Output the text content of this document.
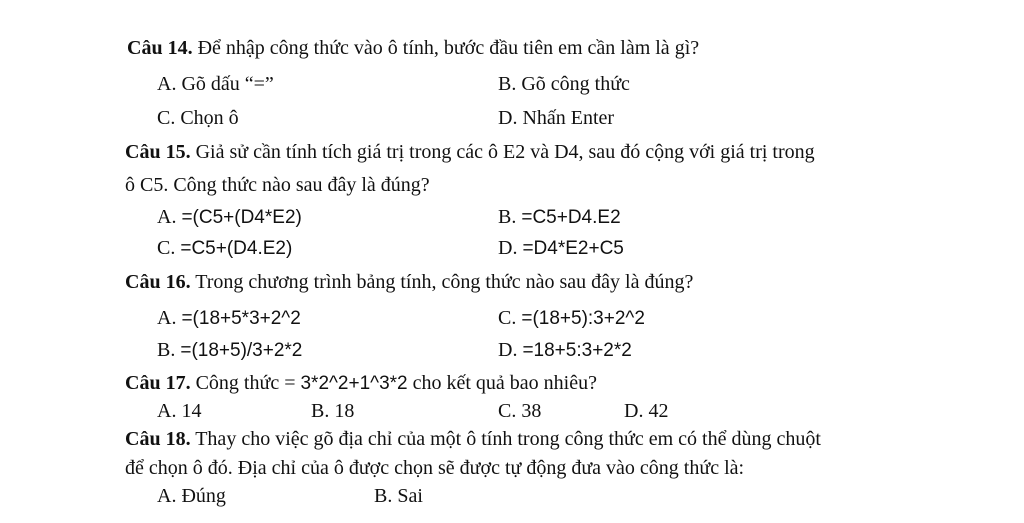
Câu 14. Để nhập công thức vào ô tính, bước đầu tiên em cần làm là gì?
A. Gõ dấu “=”	B. Gõ công thức
C. Chọn ô	D. Nhấn Enter
Câu 15. Giả sử cần tính tích giá trị trong các ô E2 và D4, sau đó cộng với giá trị trong
ô C5. Công thức nào sau đây là đúng?
A. =(C5+(D4*E2)	B. =C5+D4.E2
C. =C5+(D4.E2)	D. =D4*E2+C5
Câu 16. Trong chương trình bảng tính, công thức nào sau đây là đúng?
A. =(18+5*3+2^2	C. =(18+5):3+2^2
B. =(18+5)/3+2*2	D. =18+5:3+2*2
Câu 17. Công thức = 3*2^2+1^3*2 cho kết quả bao nhiêu?
A. 14	B. 18	C. 38	D. 42
Câu 18. Thay cho việc gõ địa chỉ của một ô tính trong công thức em có thể dùng chuột
để chọn ô đó. Địa chỉ của ô được chọn sẽ được tự động đưa vào công thức là:
A. Đúng	B. Sai
